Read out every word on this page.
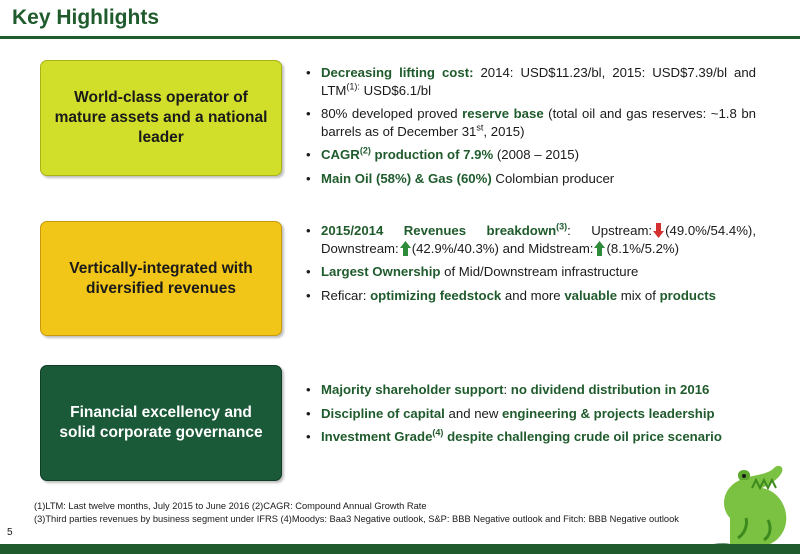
Key Highlights
World-class operator of mature assets and a national leader
Vertically-integrated with diversified revenues
Financial excellency and solid corporate governance
• Decreasing lifting cost: 2014: USD$11.23/bl, 2015: USD$7.39/bl and $LTM^{(1):}$ USD$6.1/bl
• 80% developed proved reserve base (total oil and gas reserves: ~1.8 bn barrels as of December 31st, 2015)
• CAGR$^{(2)}$ production of 7.9% (2008 – 2015)
• Main Oil (58%) & Gas (60%) Colombian producer
• 2015/2014 Revenues breakdown$^{(3)}$: Upstream: (49.0%/54.4%), Downstream: (42.9%/40.3%) and Midstream: (8.1%/5.2%)
• Largest Ownership of Mid/Downstream infrastructure
• Reficar: optimizing feedstock and more valuable mix of products
• Majority shareholder support: no dividend distribution in 2016
• Discipline of capital and new engineering & projects leadership
• Investment Grade$^{(4)}$ despite challenging crude oil price scenario
(1)LTM: Last twelve months, July 2015 to June 2016 (2)CAGR: Compound Annual Growth Rate
(3)Third parties revenues by business segment under IFRS (4)Moodys: Baa3 Negative outlook, S&P: BBB Negative outlook and Fitch: BBB Negative outlook
5
